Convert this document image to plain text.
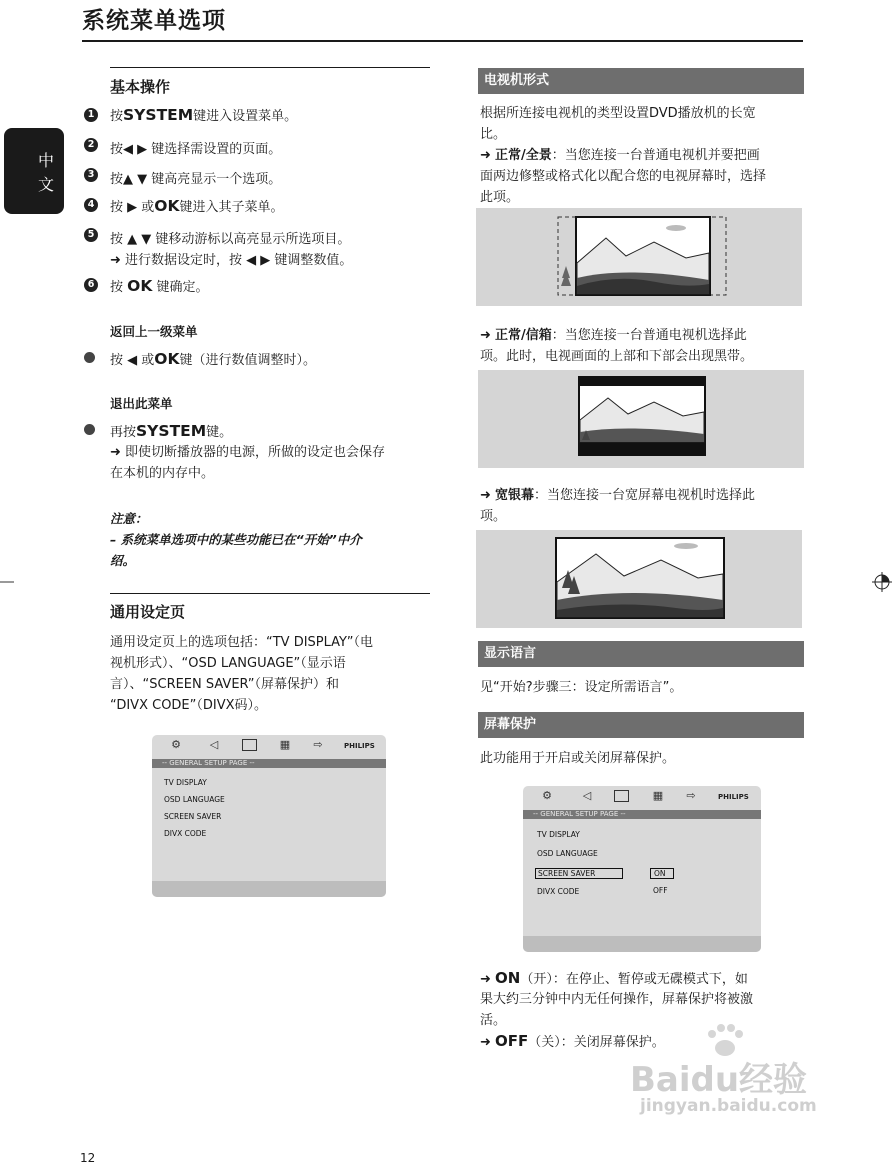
系统菜单选项
中
文
基本操作
1 按SYSTEM键进入设置菜单。
2 按◀ ▶ 键选择需设置的页面。
3 按▲ ▼ 键高亮显示一个选项。
4 按 ▶ 或OK键进入其子菜单。
5 按 ▲ ▼ 键移动游标以高亮显示所选项目。
➜ 进行数据设定时，按 ◀ ▶ 键调整数值。
6 按 OK 键确定。
返回上一级菜单
按 ◀ 或OK键（进行数值调整时）。
退出此菜单
再按SYSTEM键。
➜ 即使切断播放器的电源，所做的设定也会保存
在本机的内存中。
注意：
– 系统菜单选项中的某些功能已在“开始”中介
绍。
通用设定页
通用设定页上的选项包括：“TV DISPLAY”（电
视机形式）、“OSD LANGUAGE”（显示语
言）、“SCREEN SAVER”（屏幕保护）和
“DIVX CODE”（DIVX码）。
⚙	◁	▦	⇨	PHILIPS
-- GENERAL SETUP PAGE --
TV DISPLAY
OSD LANGUAGE
SCREEN SAVER
DIVX CODE
电视机形式
根据所连接电视机的类型设置DVD播放机的长宽
比。
➜ 正常/全景：当您连接一台普通电视机并要把画
面两边修整或格式化以配合您的电视屏幕时，选择
此项。
➜ 正常/信箱：当您连接一台普通电视机选择此
项。此时，电视画面的上部和下部会出现黑带。
➜ 宽银幕：当您连接一台宽屏幕电视机时选择此
项。
显示语言
见“开始?步骤三：设定所需语言”。
屏幕保护
此功能用于开启或关闭屏幕保护。
⚙	◁	▦	⇨	PHILIPS
-- GENERAL SETUP PAGE --
TV DISPLAY
OSD LANGUAGE
SCREEN SAVER
DIVX CODE
ON
OFF
➜ ON（开）：在停止、暂停或无碟模式下，如
果大约三分钟中内无任何操作，屏幕保护将被激
活。
➜ OFF（关）：关闭屏幕保护。
12
Baidu经验
jingyan.baidu.com
